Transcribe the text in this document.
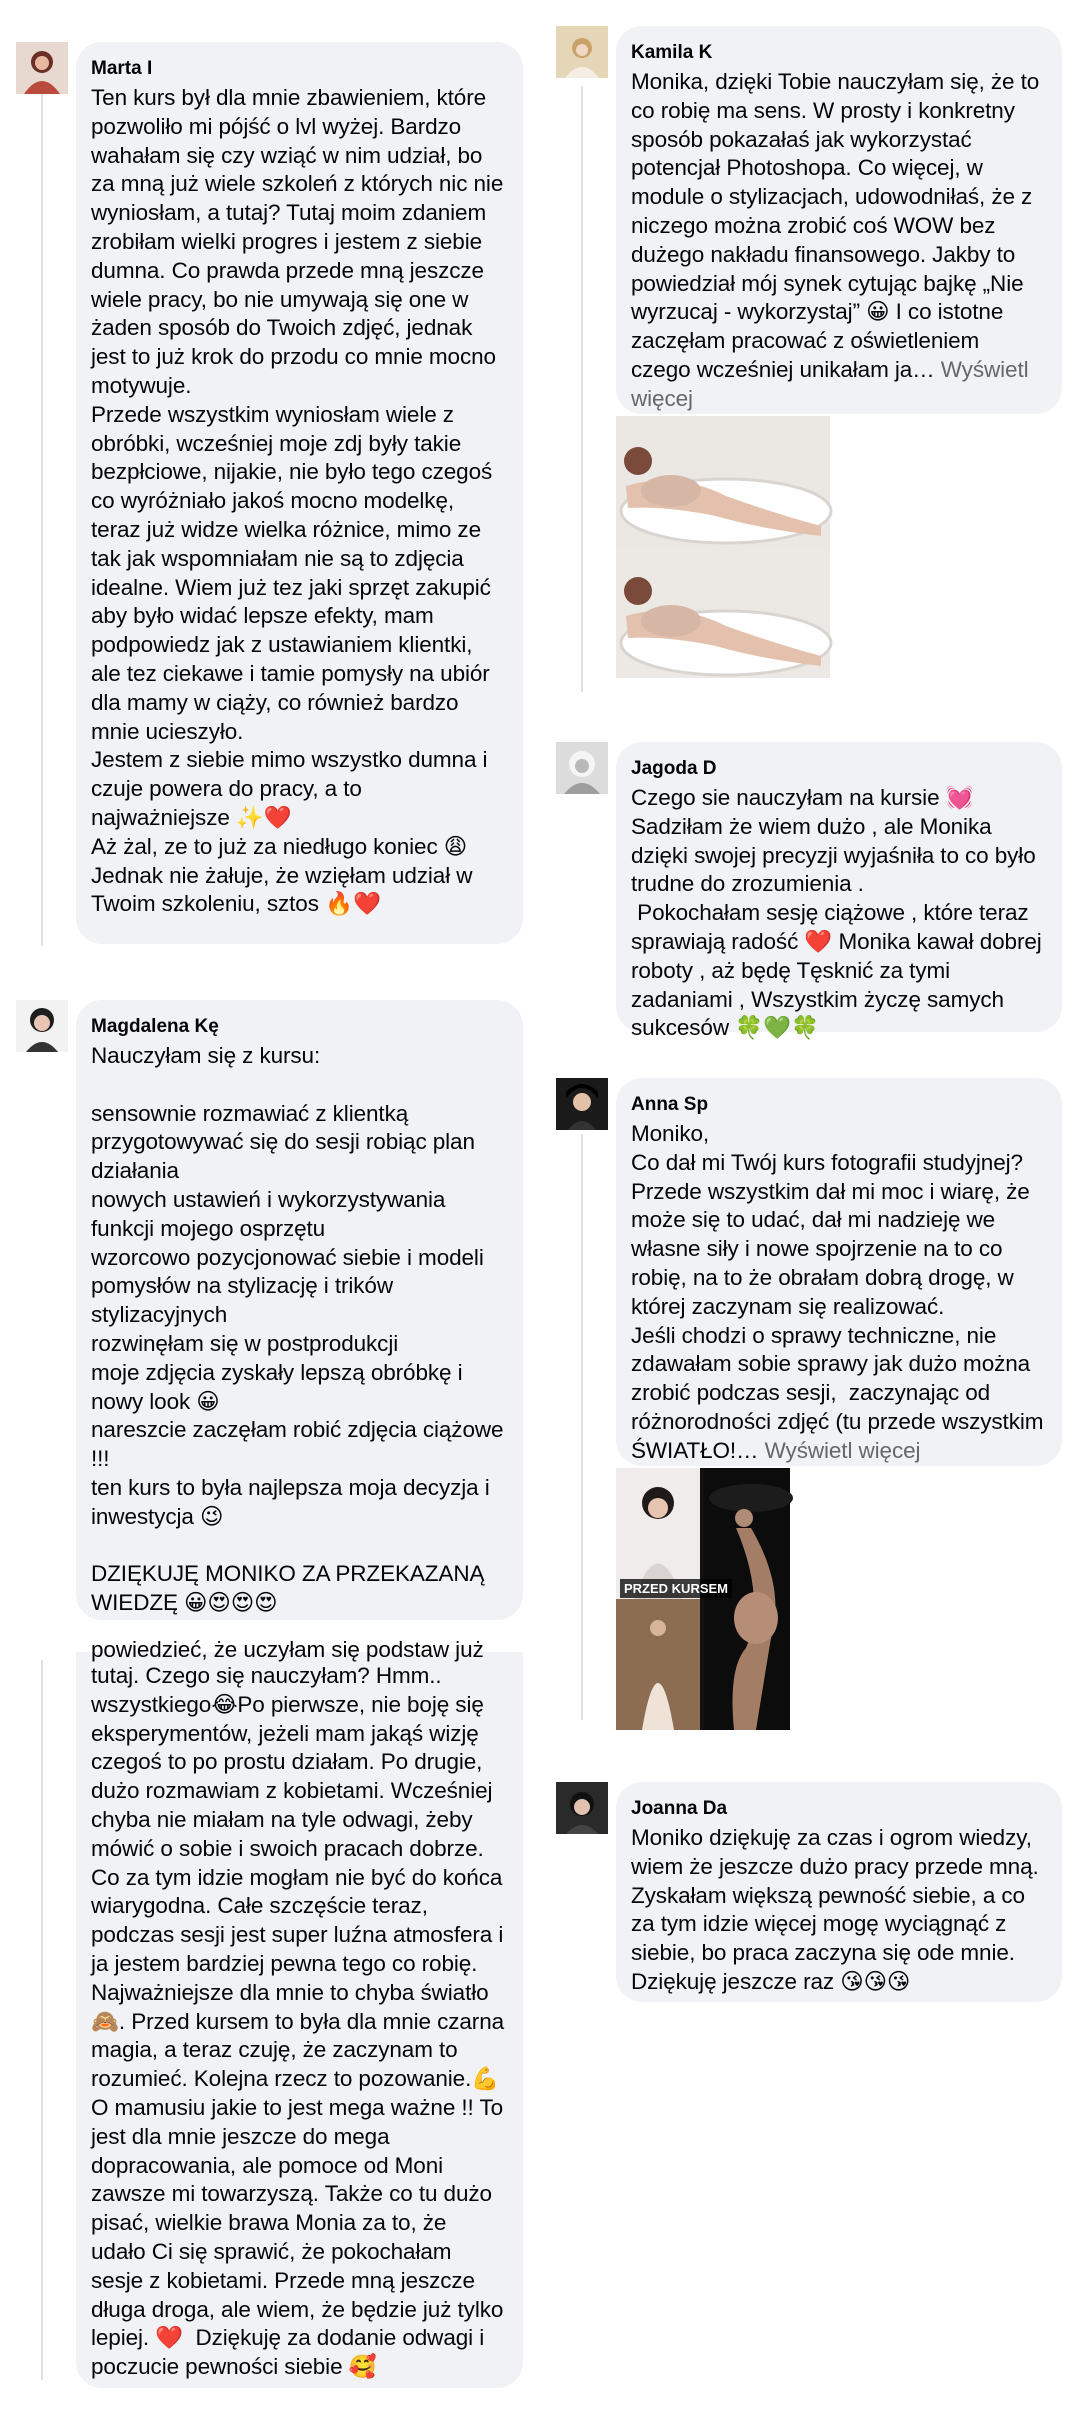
Marta I
Ten kurs był dla mnie zbawieniem, które pozwoliło mi pójść o lvl wyżej. Bardzo wahałam się czy wziąć w nim udział, bo za mną już wiele szkoleń z których nic nie wyniosłam, a tutaj? Tutaj moim zdaniem zrobiłam wielki progres i jestem z siebie dumna. Co prawda przede mną jeszcze wiele pracy, bo nie umywają się one w żaden sposób do Twoich zdjęć, jednak jest to już krok do przodu co mnie mocno motywuje.
Przede wszystkim wyniosłam wiele z obróbki, wcześniej moje zdj były takie bezpłciowe, nijakie, nie było tego czegoś co wyróżniało jakoś mocno modelkę, teraz już widze wielka różnice, mimo ze tak jak wspomniałam nie są to zdjęcia idealne. Wiem już tez jaki sprzęt zakupić aby było widać lepsze efekty, mam podpowiedz jak z ustawianiem klientki, ale tez ciekawe i tamie pomysły na ubiór dla mamy w ciąży, co również bardzo mnie ucieszyło.
Jestem z siebie mimo wszystko dumna i czuje powera do pracy, a to najważniejsze ✨❤️
Aż żal, ze to już za niedługo koniec 😩
Jednak nie żałuje, że wzięłam udział w Twoim szkoleniu, sztos 🔥❤️
Magdalena Kę
Nauczyłam się z kursu:

sensownie rozmawiać z klientką
przygotowywać się do sesji robiąc plan działania
nowych ustawień i wykorzystywania funkcji mojego osprzętu
wzorcowo pozycjonować siebie i modeli
pomysłów na stylizację i trików stylizacyjnych
rozwinęłam się w postprodukcji
moje zdjęcia zyskały lepszą obróbkę i nowy look 😀
nareszcie zaczęłam robić zdjęcia ciążowe !!!
ten kurs to była najlepsza moja decyzja i inwestycja 😉

DZIĘKUJĘ MONIKO ZA PRZEKAZANĄ WIEDZĘ 😀😍😍😍
powiedzieć, że uczyłam się podstaw już
tutaj. Czego się nauczyłam? Hmm.. wszystkiego😂Po pierwsze, nie boję się eksperymentów, jeżeli mam jakąś wizję czegoś to po prostu działam. Po drugie, dużo rozmawiam z kobietami. Wcześniej chyba nie miałam na tyle odwagi, żeby mówić o sobie i swoich pracach dobrze. Co za tym idzie mogłam nie być do końca wiarygodna. Całe szczęście teraz, podczas sesji jest super luźna atmosfera i ja jestem bardziej pewna tego co robię. Najważniejsze dla mnie to chyba światło 🙈. Przed kursem to była dla mnie czarna magia, a teraz czuję, że zaczynam to rozumieć. Kolejna rzecz to pozowanie.💪O mamusiu jakie to jest mega ważne !! To jest dla mnie jeszcze do mega dopracowania, ale pomoce od Moni zawsze mi towarzyszą. Także co tu dużo pisać, wielkie brawa Monia za to, że udało Ci się sprawić, że pokochałam sesje z kobietami. Przede mną jeszcze długa droga, ale wiem, że będzie już tylko lepiej. ❤️  Dziękuję za dodanie odwagi i poczucie pewności siebie 🥰
Kamila K
Monika, dzięki Tobie nauczyłam się, że to co robię ma sens. W prosty i konkretny sposób pokazałaś jak wykorzystać potencjał Photoshopa. Co więcej, w module o stylizacjach, udowodniłaś, że z niczego można zrobić coś WOW bez dużego nakładu finansowego. Jakby to powiedział mój synek cytując bajkę „Nie wyrzucaj - wykorzystaj” 😀 I co istotne zaczęłam pracować z oświetleniem czego wcześniej unikałam ja… Wyświetl więcej
Jagoda D
Czego sie nauczyłam na kursie 💓
Sadziłam że wiem dużo , ale Monika dzięki swojej precyzji wyjaśniła to co było trudne do zrozumienia .
Pokochałam sesję ciążowe , które teraz sprawiają radość ❤️ Monika kawał dobrej roboty , aż będę Tęsknić za tymi zadaniami , Wszystkim życzę samych sukcesów 🍀💚🍀
Anna Sp
Moniko,
Co dał mi Twój kurs fotografii studyjnej? Przede wszystkim dał mi moc i wiarę, że może się to udać, dał mi nadzieję we własne siły i nowe spojrzenie na to co robię, na to że obrałam dobrą drogę, w której zaczynam się realizować.
Jeśli chodzi o sprawy techniczne, nie zdawałam sobie sprawy jak dużo można zrobić podczas sesji,  zaczynając od różnorodności zdjęć (tu przede wszystkim ŚWIATŁO!… Wyświetl więcej
PRZED KURSEM
Joanna Da
Moniko dziękuję za czas i ogrom wiedzy, wiem że jeszcze dużo pracy przede mną. Zyskałam większą pewność siebie, a co za tym idzie więcej mogę wyciągnąć z siebie, bo praca zaczyna się ode mnie. Dziękuję jeszcze raz 😘😘😘
